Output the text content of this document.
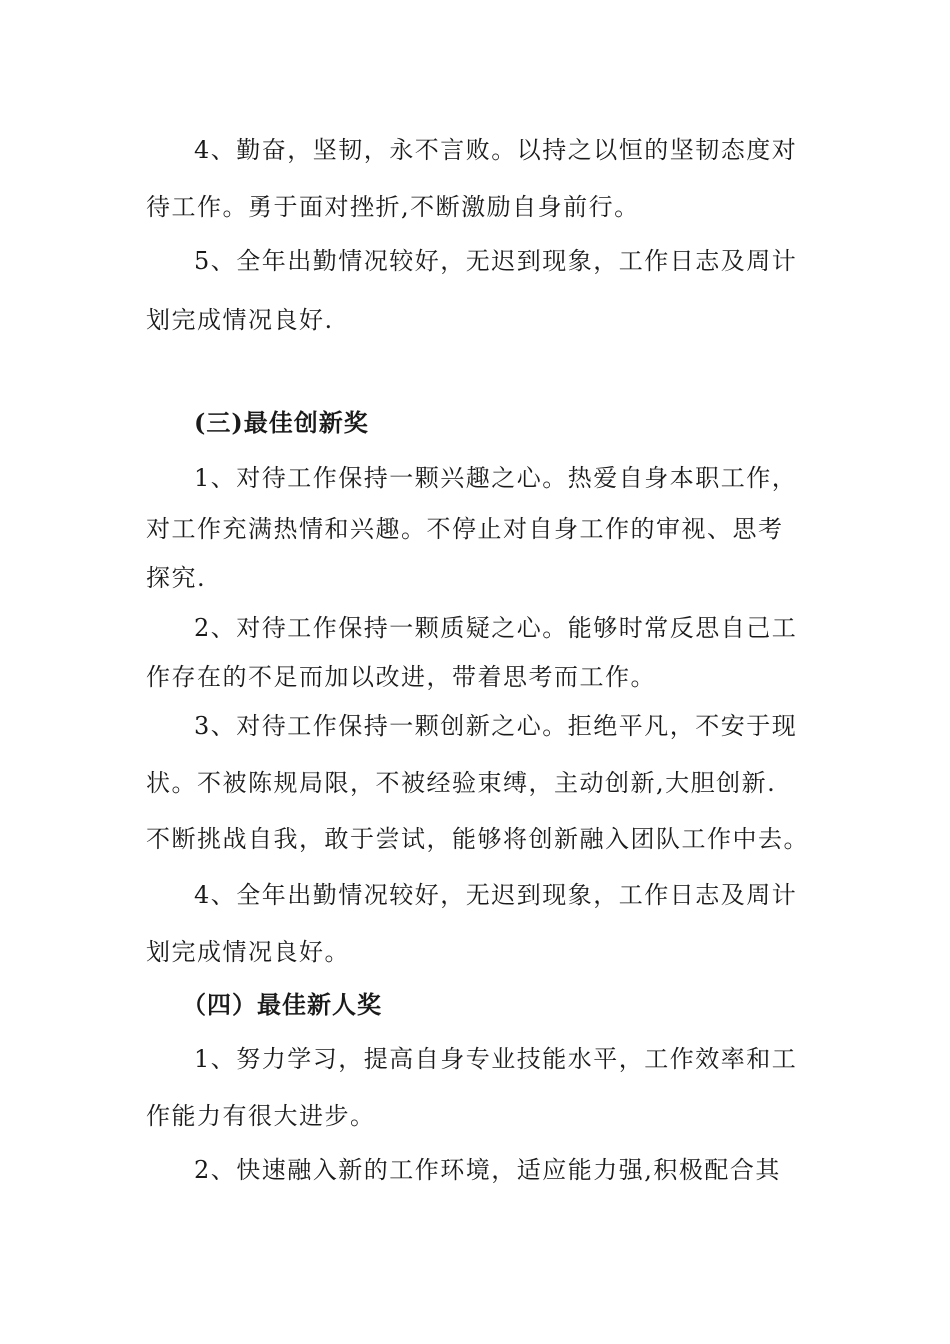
4、勤奋，坚韧，永不言败。以持之以恒的坚韧态度对
待工作。勇于面对挫折,不断激励自身前行。
5、全年出勤情况较好，无迟到现象，工作日志及周计
划完成情况良好.
(三)最佳创新奖
1、对待工作保持一颗兴趣之心。热爱自身本职工作，
对工作充满热情和兴趣。不停止对自身工作的审视、思考
探究.
2、对待工作保持一颗质疑之心。能够时常反思自己工
作存在的不足而加以改进，带着思考而工作。
3、对待工作保持一颗创新之心。拒绝平凡，不安于现
状。不被陈规局限，不被经验束缚，主动创新,大胆创新.
不断挑战自我，敢于尝试，能够将创新融入团队工作中去。
4、全年出勤情况较好，无迟到现象，工作日志及周计
划完成情况良好。
（四）最佳新人奖
1、努力学习，提高自身专业技能水平，工作效率和工
作能力有很大进步。
2、快速融入新的工作环境，适应能力强,积极配合其
